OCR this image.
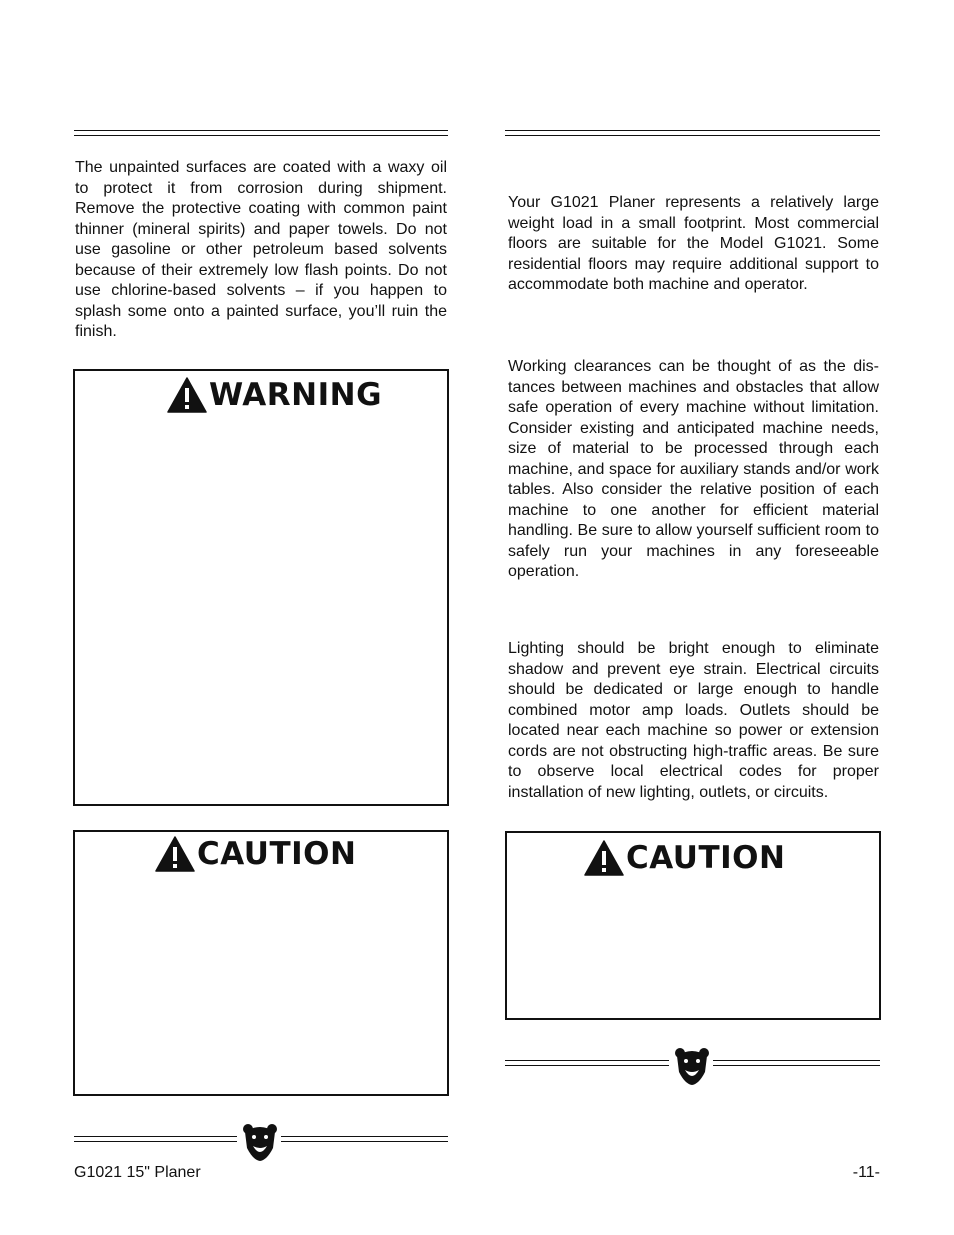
The unpainted surfaces are coated with a waxy oil to protect it from corrosion during shipment. Remove the protective coating with common paint thinner (mineral spirits) and paper towels. Do not use gasoline or other petroleum based solvents because of their extremely low flash points. Do not use chlorine-based solvents – if you happen to splash some onto a painted surface, you’ll ruin the finish.

WARNING
CAUTION

Your G1021 Planer represents a relatively large weight load in a small footprint. Most commercial floors are suitable for the Model G1021. Some residential floors may require additional support to accommodate both machine and operator.

Working clearances can be thought of as the distances between machines and obstacles that allow safe operation of every machine without limitation. Consider existing and anticipated machine needs, size of material to be processed through each machine, and space for auxiliary stands and/or work tables. Also consider the relative position of each machine to one another for efficient material handling. Be sure to allow yourself sufficient room to safely run your machines in any foreseeable operation.

Lighting should be bright enough to eliminate shadow and prevent eye strain. Electrical circuits should be dedicated or large enough to handle combined motor amp loads. Outlets should be located near each machine so power or extension cords are not obstructing high-traffic areas. Be sure to observe local electrical codes for proper installation of new lighting, outlets, or circuits.

CAUTION
G1021 15" Planer	-11-
